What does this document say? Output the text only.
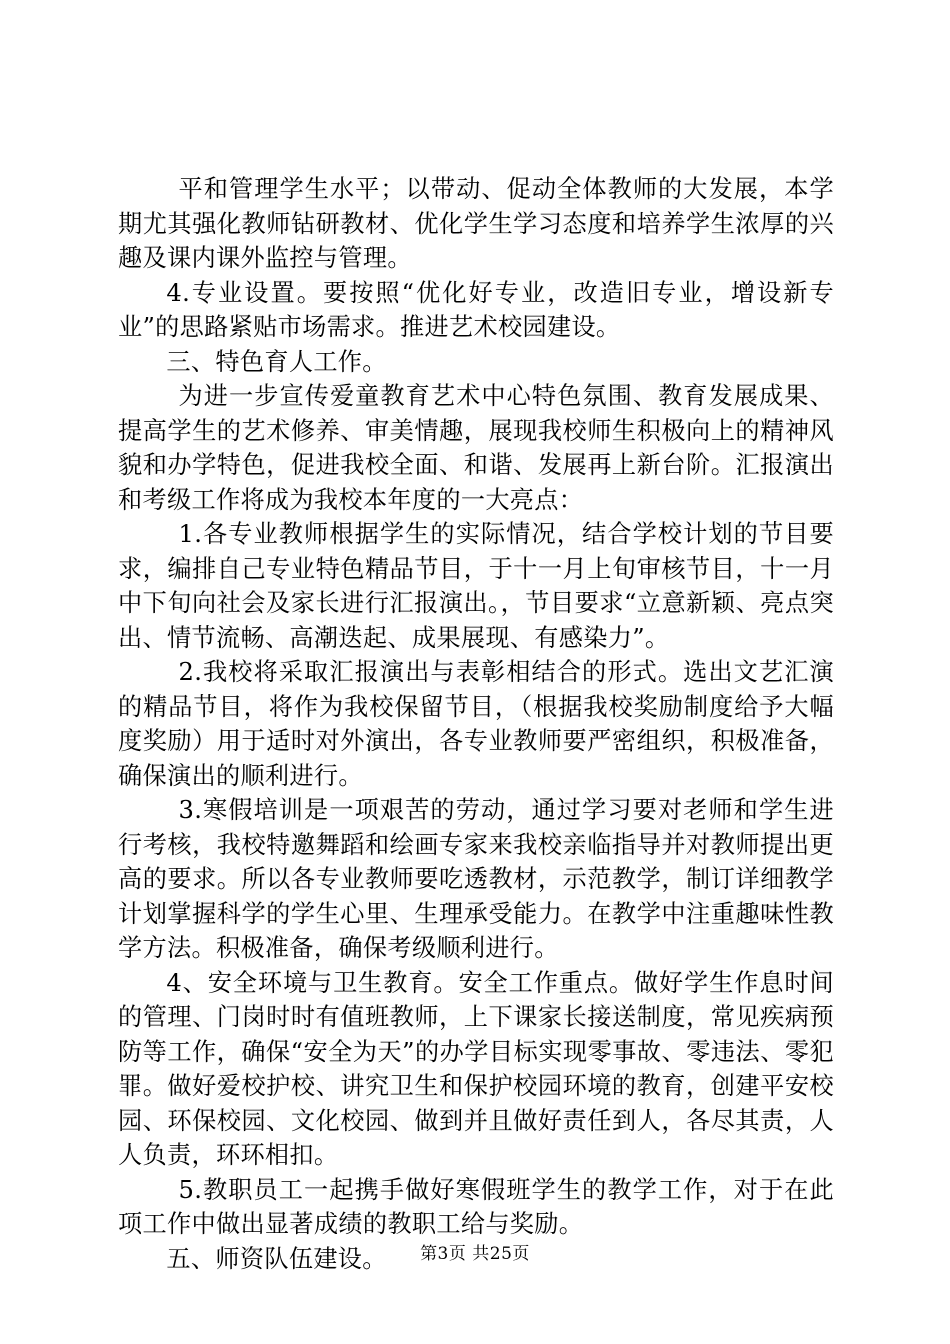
平和管理学生水平；以带动、促动全体教师的大发展，本学期尤其强化教师钻研教材、优化学生学习态度和培养学生浓厚的兴趣及课内课外监控与管理。

4.专业设置。要按照“优化好专业，改造旧专业，增设新专业”的思路紧贴市场需求。推进艺术校园建设。

三、特色育人工作。

为进一步宣传爱童教育艺术中心特色氛围、教育发展成果、提高学生的艺术修养、审美情趣，展现我校师生积极向上的精神风貌和办学特色，促进我校全面、和谐、发展再上新台阶。汇报演出和考级工作将成为我校本年度的一大亮点：

1.各专业教师根据学生的实际情况，结合学校计划的节目要求，编排自己专业特色精品节目，于十一月上旬审核节目，十一月中下旬向社会及家长进行汇报演出。，节目要求“立意新颖、亮点突出、情节流畅、高潮迭起、成果展现、有感染力”。

2.我校将采取汇报演出与表彰相结合的形式。选出文艺汇演的精品节目，将作为我校保留节目，（根据我校奖励制度给予大幅度奖励）用于适时对外演出，各专业教师要严密组织，积极准备，确保演出的顺利进行。

3.寒假培训是一项艰苦的劳动，通过学习要对老师和学生进行考核，我校特邀舞蹈和绘画专家来我校亲临指导并对教师提出更高的要求。所以各专业教师要吃透教材，示范教学，制订详细教学计划掌握科学的学生心里、生理承受能力。在教学中注重趣味性教学方法。积极准备，确保考级顺利进行。

4、安全环境与卫生教育。安全工作重点。做好学生作息时间的管理、门岗时时有值班教师，上下课家长接送制度，常见疾病预防等工作，确保“安全为天”的办学目标实现零事故、零违法、零犯罪。做好爱校护校、讲究卫生和保护校园环境的教育，创建平安校园、环保校园、文化校园、做到并且做好责任到人，各尽其责，人人负责，环环相扣。

5.教职员工一起携手做好寒假班学生的教学工作，对于在此项工作中做出显著成绩的教职工给与奖励。

五、师资队伍建设。	第3页 共25页
